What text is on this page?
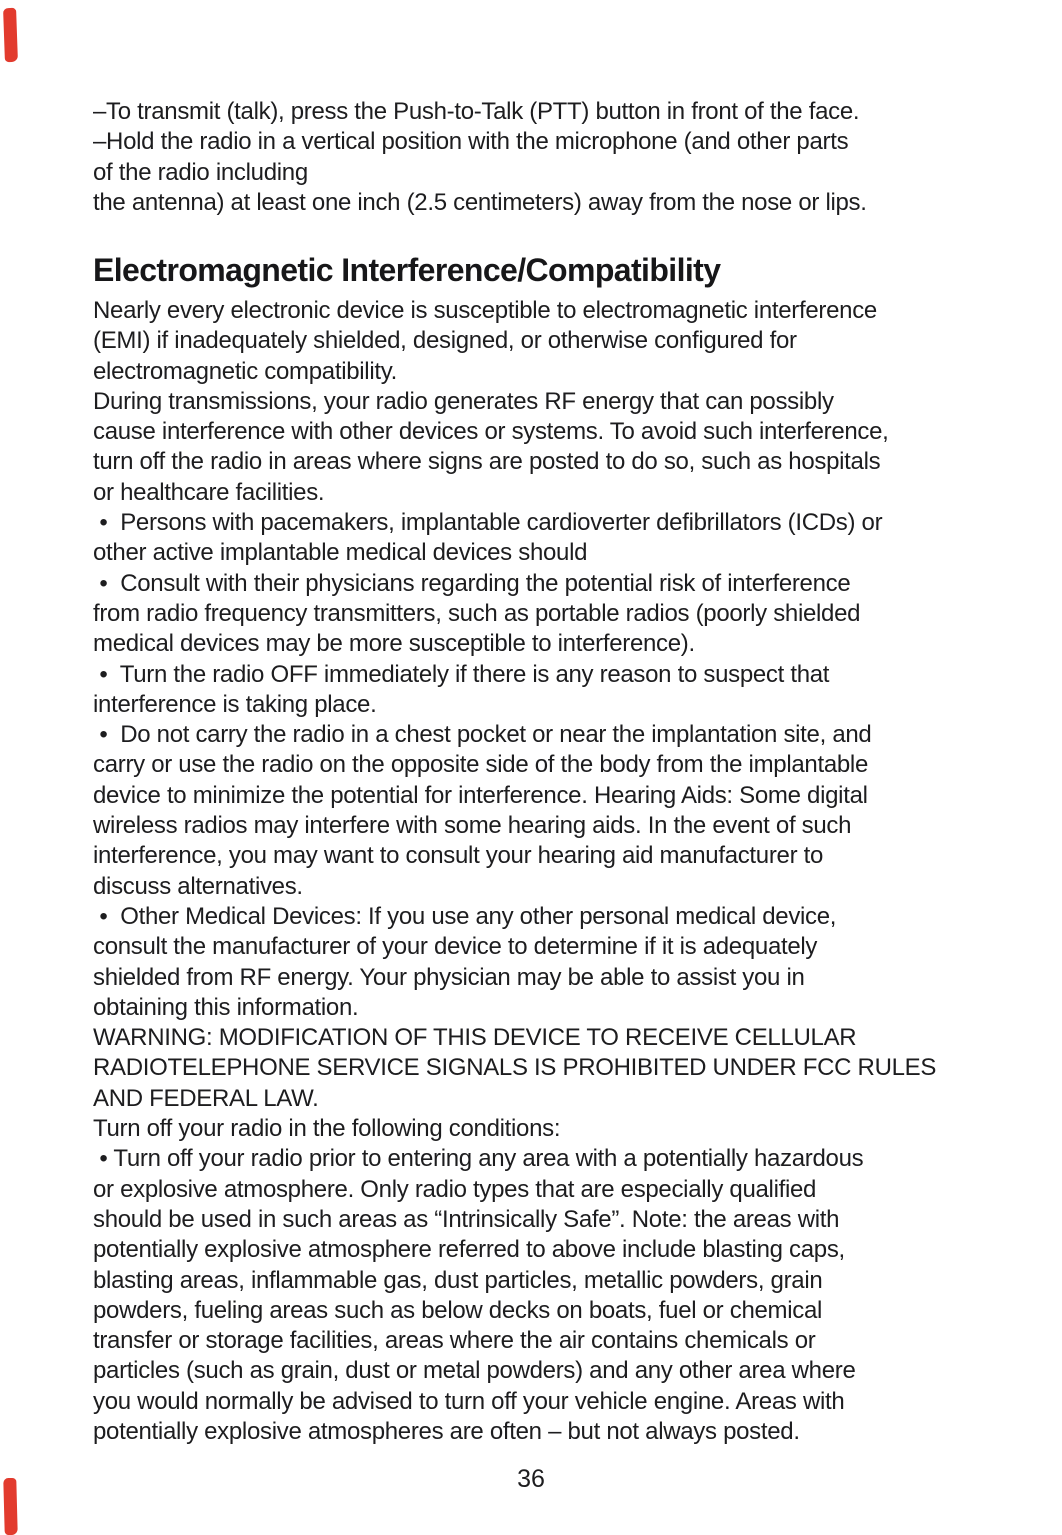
–To transmit (talk), press the Push-to-Talk (PTT) button in front of the face.
–Hold the radio in a vertical position with the microphone (and other parts
of the radio including
the antenna) at least one inch (2.5 centimeters) away from the nose or lips.
Electromagnetic Interference/Compatibility
Nearly every electronic device is susceptible to electromagnetic interference
(EMI) if inadequately shielded, designed, or otherwise configured for
electromagnetic compatibility.
During transmissions, your radio generates RF energy that can possibly
cause interference with other devices or systems. To avoid such interference,
turn off the radio in areas where signs are posted to do so, such as hospitals
or healthcare facilities.
•  Persons with pacemakers, implantable cardioverter defibrillators (ICDs) or
other active implantable medical devices should
•  Consult with their physicians regarding the potential risk of interference
from radio frequency transmitters, such as portable radios (poorly shielded
medical devices may be more susceptible to interference).
•  Turn the radio OFF immediately if there is any reason to suspect that
interference is taking place.
•  Do not carry the radio in a chest pocket or near the implantation site, and
carry or use the radio on the opposite side of the body from the implantable
device to minimize the potential for interference. Hearing Aids: Some digital
wireless radios may interfere with some hearing aids. In the event of such
interference, you may want to consult your hearing aid manufacturer to
discuss alternatives.
•  Other Medical Devices: If you use any other personal medical device,
consult the manufacturer of your device to determine if it is adequately
shielded from RF energy. Your physician may be able to assist you in
obtaining this information.
WARNING: MODIFICATION OF THIS DEVICE TO RECEIVE CELLULAR
RADIOTELEPHONE SERVICE SIGNALS IS PROHIBITED UNDER FCC RULES
AND FEDERAL LAW.
Turn off your radio in the following conditions:
• Turn off your radio prior to entering any area with a potentially hazardous
or explosive atmosphere. Only radio types that are especially qualified
should be used in such areas as “Intrinsically Safe”. Note: the areas with
potentially explosive atmosphere referred to above include blasting caps,
blasting areas, inflammable gas, dust particles, metallic powders, grain
powders, fueling areas such as below decks on boats, fuel or chemical
transfer or storage facilities, areas where the air contains chemicals or
particles (such as grain, dust or metal powders) and any other area where
you would normally be advised to turn off your vehicle engine. Areas with
potentially explosive atmospheres are often – but not always posted.
36
